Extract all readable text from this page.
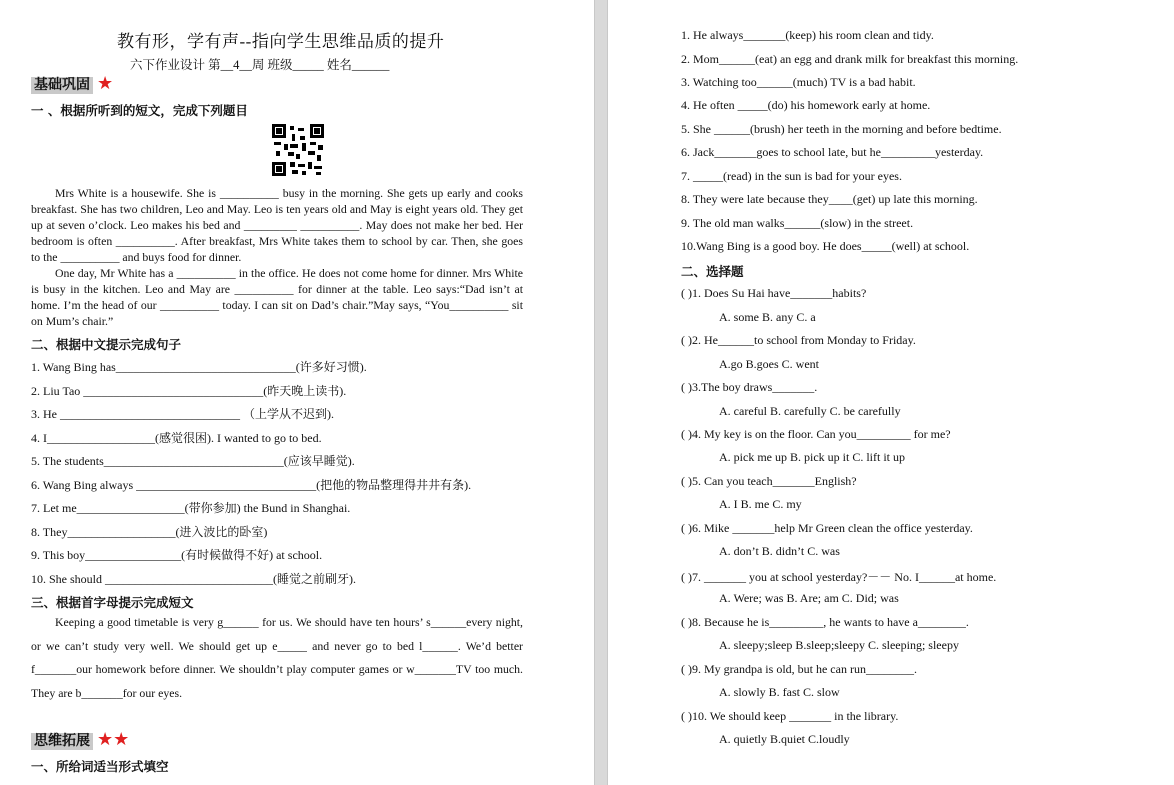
教有形，学有声--指向学生思维品质的提升
六下作业设计 第__4__周 班级_____ 姓名______
基础巩固 ★
一 、根据所听到的短文，完成下列题目

Mrs White is a housewife. She is __________ busy in the morning. She gets up early and cooks breakfast. She has two children, Leo and May. Leo is ten years old and May is eight years old. They get up at seven o’clock. Leo makes his bed and _________ __________. May does not make her bed. Her bedroom is often __________. After breakfast, Mrs White takes them to school by car. Then, she goes to the __________ and buys food for dinner.

One day, Mr White has a __________ in the office. He does not come home for dinner. Mrs White is busy in the kitchen. Leo and May are __________ for dinner at the table. Leo says:“Dad isn’t at home. I’m the head of our __________ today. I can sit on Dad’s chair.”May says, “You__________ sit on Mum’s chair.”

二、根据中文提示完成句子
1. Wang Bing has______________________________(许多好习惯).
2. Liu Tao ______________________________(昨天晚上读书).
3. He ______________________________ （上学从不迟到).
4. I__________________(感觉很困). I wanted to go to bed.
5. The students______________________________(应该早睡觉).
6. Wang Bing always ______________________________(把他的物品整理得井井有条).
7. Let me__________________(带你参加) the Bund in Shanghai.
8. They__________________(进入波比的卧室)
9. This boy________________(有时候做得不好) at school.
10. She should ____________________________(睡觉之前刷牙).
三、根据首字母提示完成短文

Keeping a good timetable is very g______ for us. We should have ten hours’ s______every night, or we can’t study very well. We should get up e_____ and never go to bed l______. We’d better f_______our homework before dinner. We shouldn’t play computer games or w_______TV too much. They are b_______for our eyes.

思维拓展 ★★
一、所给词适当形式填空
1. He always_______(keep) his room clean and tidy.
2. Mom______(eat) an egg and drank milk for breakfast this morning.
3. Watching too______(much) TV is a bad habit.
4. He often _____(do) his homework early at home.
5. She ______(brush) her teeth in the morning and before bedtime.
6. Jack_______goes to school late, but he_________yesterday.
7. _____(read) in the sun is bad for your eyes.
8. They were late because they____(get) up late this morning.
9. The old man walks______(slow) in the street.
10.Wang Bing is a good boy. He does_____(well) at school.
二、选择题
( )1. Does Su Hai have_______habits?
A. some B. any C. a
( )2. He______to school from Monday to Friday.
A.go B.goes C. went
( )3.The boy draws_______.
A. careful B. carefully C. be carefully
( )4. My key is on the floor. Can you_________ for me?
A. pick me up B. pick up it C. lift it up
( )5. Can you teach_______English?
A. I B. me C. my
( )6. Mike _______help Mr Green clean the office yesterday.
A. don’t B. didn’t C. was
( )7. _______ you at school yesterday?－－ No. I______at home.
A. Were; was B. Are; am C. Did; was
( )8. Because he is_________, he wants to have a________.
A. sleepy;sleep B.sleep;sleepy C. sleeping; sleepy
( )9. My grandpa is old, but he can run________.
A. slowly B. fast C. slow
( )10. We should keep _______ in the library.
A. quietly B.quiet C.loudly
